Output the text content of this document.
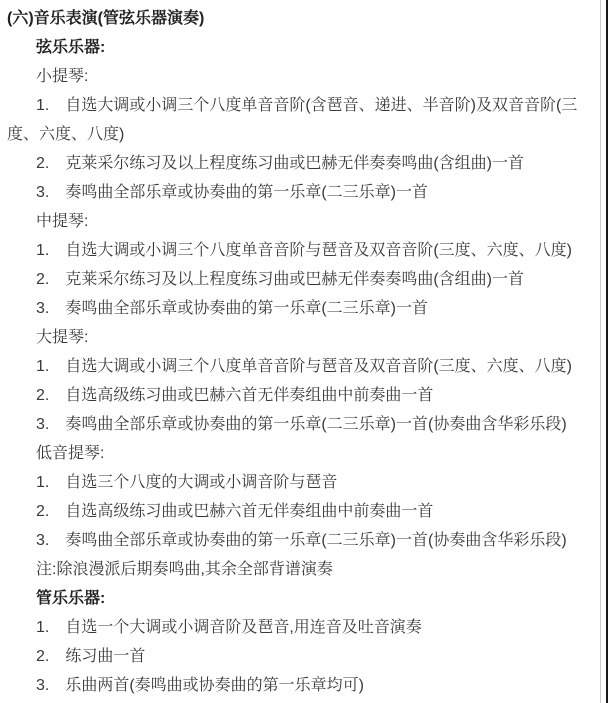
(六)音乐表演(管弦乐器演奏)

弦乐乐器:

小提琴:

1.　自选大调或小调三个八度单音音阶(含琶音、递进、半音阶)及双音音阶(三度、六度、八度)

2.　克莱采尔练习及以上程度练习曲或巴赫无伴奏奏鸣曲(含组曲)一首

3.　奏鸣曲全部乐章或协奏曲的第一乐章(二三乐章)一首

中提琴:

1.　自选大调或小调三个八度单音音阶与琶音及双音音阶(三度、六度、八度)

2.　克莱采尔练习及以上程度练习曲或巴赫无伴奏奏鸣曲(含组曲)一首

3.　奏鸣曲全部乐章或协奏曲的第一乐章(二三乐章)一首

大提琴:

1.　自选大调或小调三个八度单音音阶与琶音及双音音阶(三度、六度、八度)

2.　自选高级练习曲或巴赫六首无伴奏组曲中前奏曲一首

3.　奏鸣曲全部乐章或协奏曲的第一乐章(二三乐章)一首(协奏曲含华彩乐段)

低音提琴:

1.　自选三个八度的大调或小调音阶与琶音

2.　自选高级练习曲或巴赫六首无伴奏组曲中前奏曲一首

3.　奏鸣曲全部乐章或协奏曲的第一乐章(二三乐章)一首(协奏曲含华彩乐段)

注:除浪漫派后期奏鸣曲,其余全部背谱演奏

管乐乐器:

1.　自选一个大调或小调音阶及琶音,用连音及吐音演奏

2.　练习曲一首

3.　乐曲两首(奏鸣曲或协奏曲的第一乐章均可)
